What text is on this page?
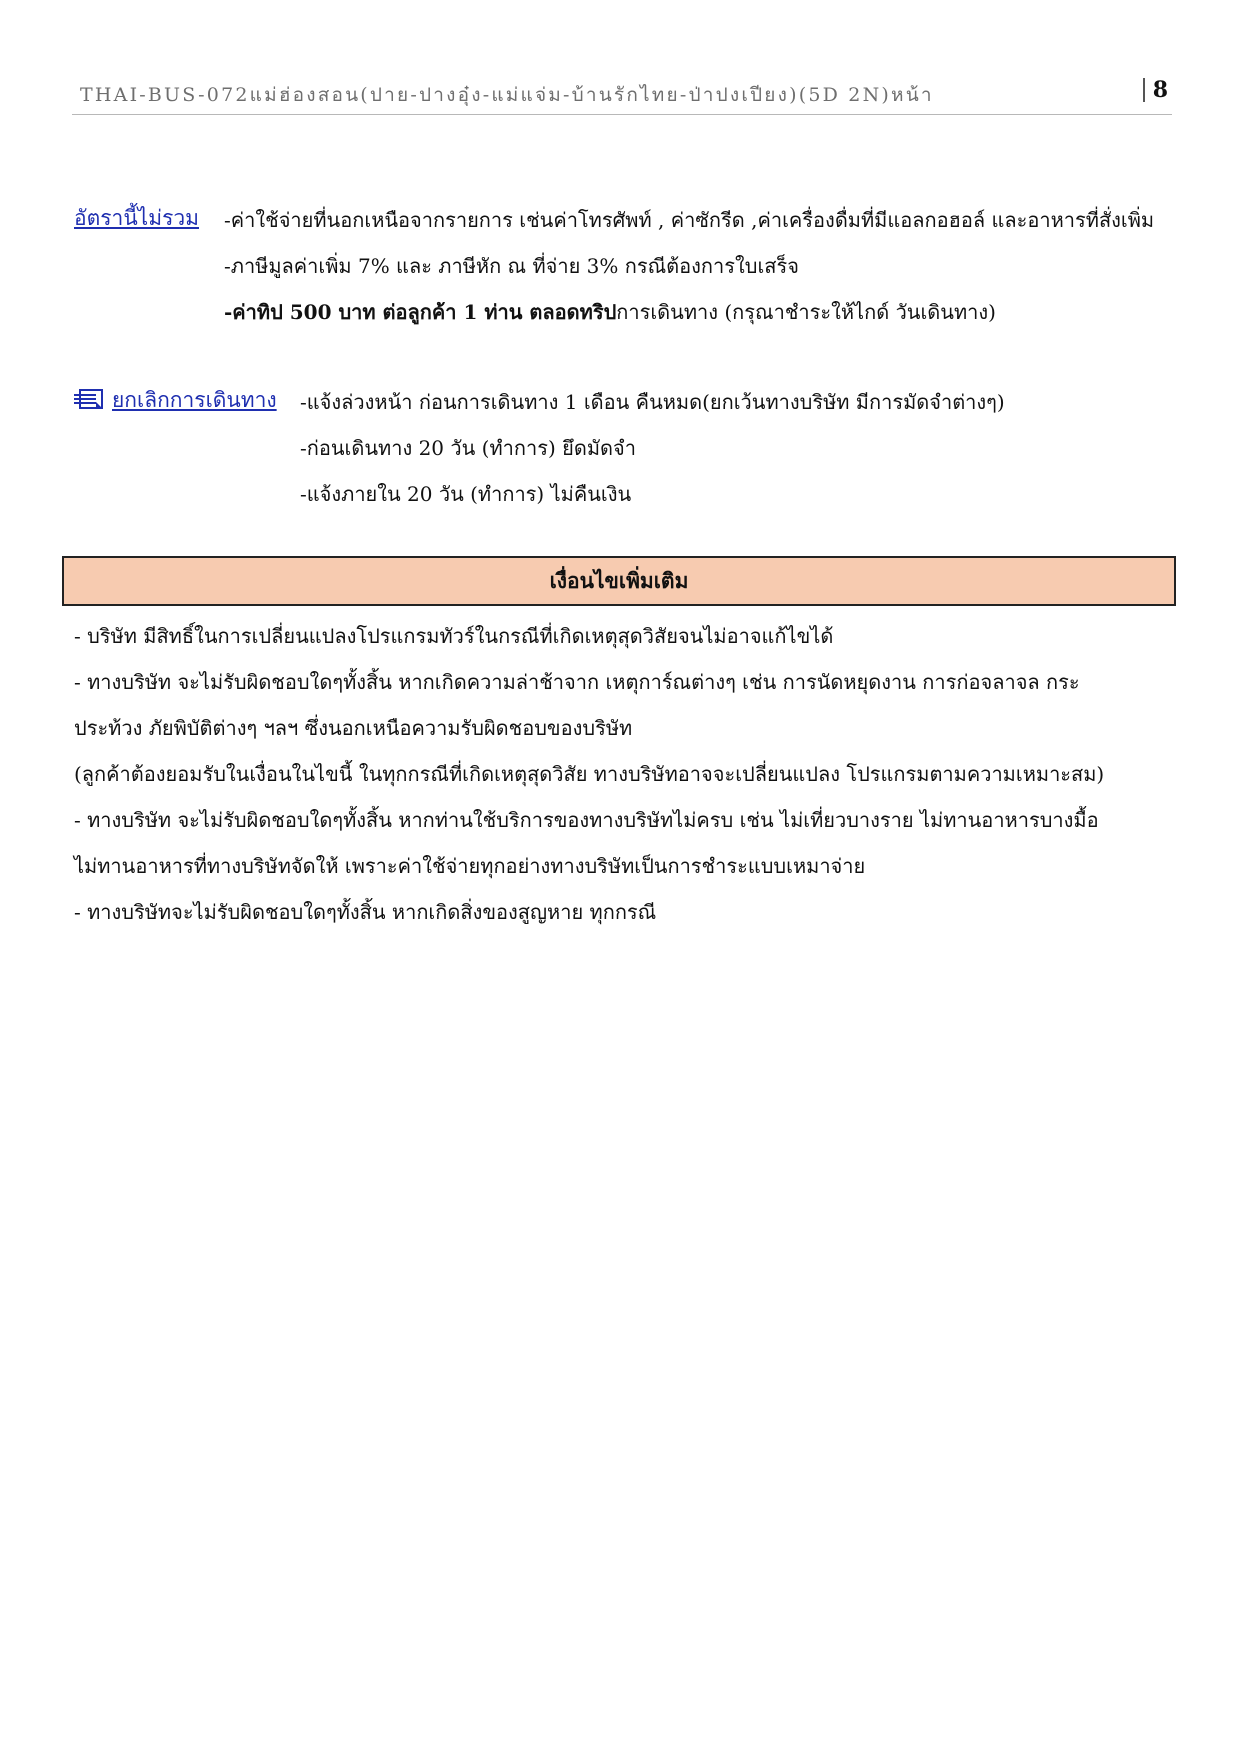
THAI-BUS-072แม่ฮ่องสอน(ปาย-ปางอุ๋ง-แม่แจ่ม-บ้านรักไทย-ป่าปงเปียง)(5D 2N)หน้า	8
อัตรานี้ไม่รวม -ค่าใช้จ่ายที่นอกเหนือจากรายการ เช่นค่าโทรศัพท์ , ค่าซักรีด ,ค่าเครื่องดื่มที่มีแอลกอฮอล์ และอาหารที่สั่งเพิ่ม
-ภาษีมูลค่าเพิ่ม 7% และ ภาษีหัก ณ ที่จ่าย 3% กรณีต้องการใบเสร็จ
-ค่าทิป 500 บาท ต่อลูกค้า 1 ท่าน ตลอดทริปการเดินทาง (กรุณาชำระให้ไกด์ วันเดินทาง)
ยกเลิกการเดินทาง -แจ้งล่วงหน้า ก่อนการเดินทาง 1 เดือน คืนหมด(ยกเว้นทางบริษัท มีการมัดจำต่างๆ)
-ก่อนเดินทาง 20 วัน (ทำการ) ยึดมัดจำ
-แจ้งภายใน 20 วัน (ทำการ) ไม่คืนเงิน
เงื่อนไขเพิ่มเติม
- บริษัท มีสิทธิ์ในการเปลี่ยนแปลงโปรแกรมทัวร์ในกรณีที่เกิดเหตุสุดวิสัยจนไม่อาจแก้ไขได้
- ทางบริษัท จะไม่รับผิดชอบใดๆทั้งสิ้น หากเกิดความล่าช้าจาก เหตุการ์ณต่างๆ เช่น การนัดหยุดงาน การก่อจลาจล กระ
ประท้วง ภัยพิบัติต่างๆ ฯลฯ ซึ่งนอกเหนือความรับผิดชอบของบริษัท
(ลูกค้าต้องยอมรับในเงื่อนในไขนี้ ในทุกกรณีที่เกิดเหตุสุดวิสัย ทางบริษัทอาจจะเปลี่ยนแปลง โปรแกรมตามความเหมาะสม)
- ทางบริษัท จะไม่รับผิดชอบใดๆทั้งสิ้น หากท่านใช้บริการของทางบริษัทไม่ครบ เช่น ไม่เที่ยวบางราย ไม่ทานอาหารบางมื้อ
ไม่ทานอาหารที่ทางบริษัทจัดให้ เพราะค่าใช้จ่ายทุกอย่างทางบริษัทเป็นการชำระแบบเหมาจ่าย
- ทางบริษัทจะไม่รับผิดชอบใดๆทั้งสิ้น หากเกิดสิ่งของสูญหาย ทุกกรณี
